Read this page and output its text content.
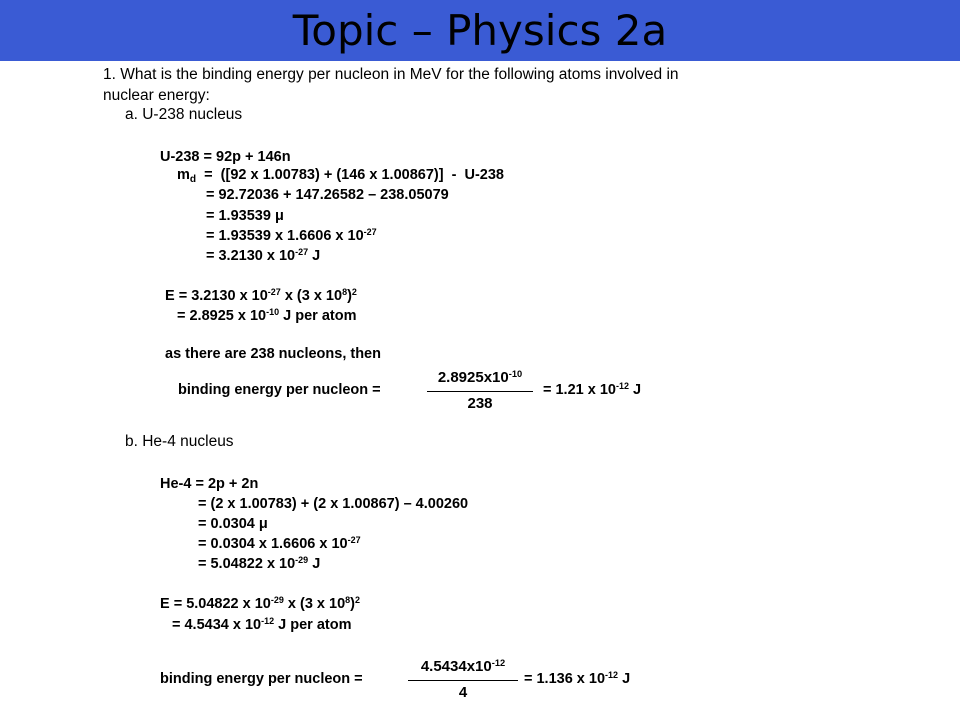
Topic – Physics 2a
1. What is the binding energy per nucleon in MeV for the following atoms involved in
nuclear energy:
a. U-238 nucleus
U-238 = 92p + 146n
$m_d = ([92$ x 1.00783) + (146 x 1.00867)]  -  U-238
= 92.72036 + 147.26582 – 238.05079
= 1.93539 μ
= 1.93539 x 1.6606 x $10^{-27}$
= 3.2130 x $10^{-27}$ J
E = 3.2130 x $10^{-27}$ x (3 x $10^8)^2$
= 2.8925 x $10^{-10}$ J per atom
as there are 238 nucleons, then
binding energy per nucleon =
$2.8925x10^{-10}$
238
= 1.21 x $10^{-12}$ J
b. He-4 nucleus
He-4 = 2p + 2n
= (2 x 1.00783) + (2 x 1.00867) – 4.00260
= 0.0304 μ
= 0.0304 x 1.6606 x $10^{-27}$
= 5.04822 x $10^{-29}$ J
E = 5.04822 x $10^{-29}$ x (3 x $10^8)^2$
= 4.5434 x $10^{-12}$ J per atom
binding energy per nucleon =
$4.5434x10^{-12}$
4
= 1.136 x $10^{-12}$ J
